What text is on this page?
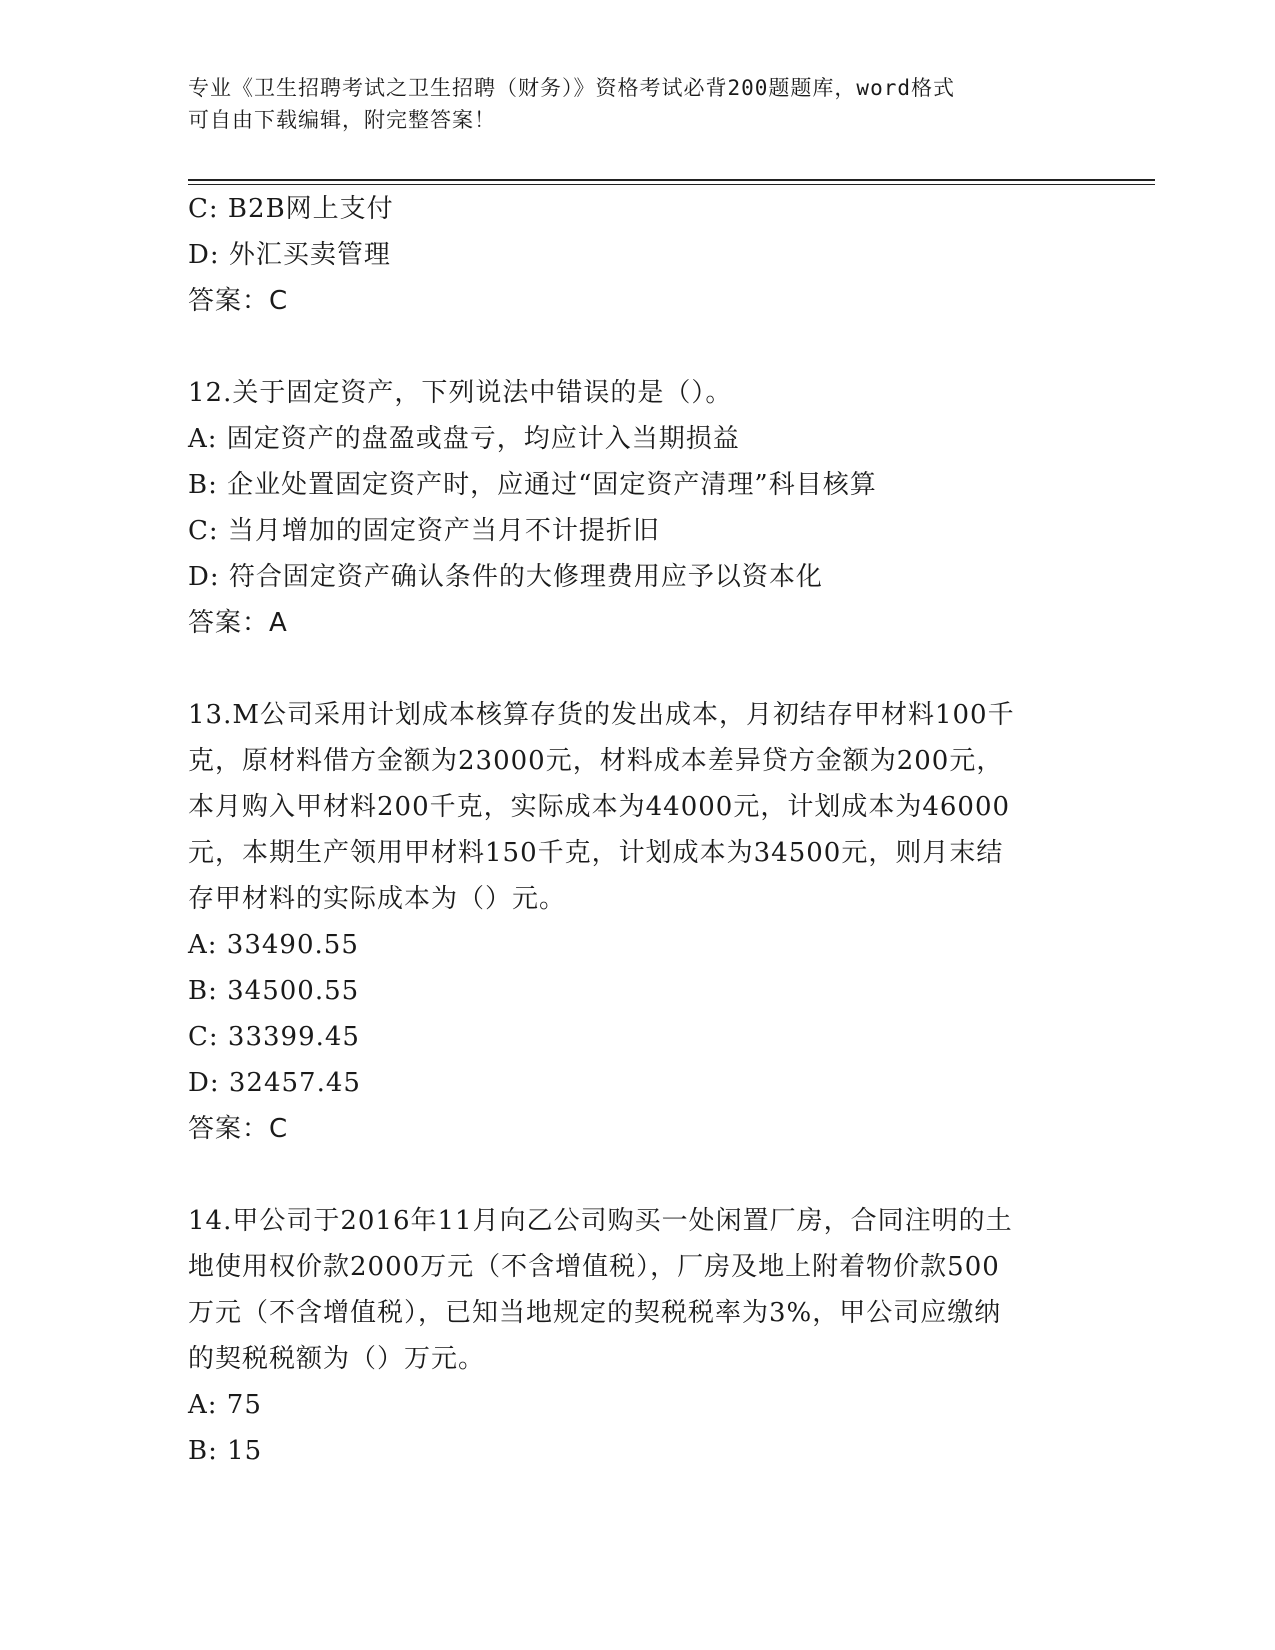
专业《卫生招聘考试之卫生招聘（财务）》资格考试必背200题题库，word格式
可自由下载编辑，附完整答案！
C: B2B网上支付
D: 外汇买卖管理
答案：C
12.关于固定资产，下列说法中错误的是（）。
A: 固定资产的盘盈或盘亏，均应计入当期损益
B: 企业处置固定资产时，应通过“固定资产清理”科目核算
C: 当月增加的固定资产当月不计提折旧
D: 符合固定资产确认条件的大修理费用应予以资本化
答案：A
13.M公司采用计划成本核算存货的发出成本，月初结存甲材料100千
克，原材料借方金额为23000元，材料成本差异贷方金额为200元，
本月购入甲材料200千克，实际成本为44000元，计划成本为46000
元，本期生产领用甲材料150千克，计划成本为34500元，则月末结
存甲材料的实际成本为（）元。
A: 33490.55
B: 34500.55
C: 33399.45
D: 32457.45
答案：C
14.甲公司于2016年11月向乙公司购买一处闲置厂房，合同注明的土
地使用权价款2000万元（不含增值税），厂房及地上附着物价款500
万元（不含增值税），已知当地规定的契税税率为3%，甲公司应缴纳
的契税税额为（）万元。
A: 75
B: 15
